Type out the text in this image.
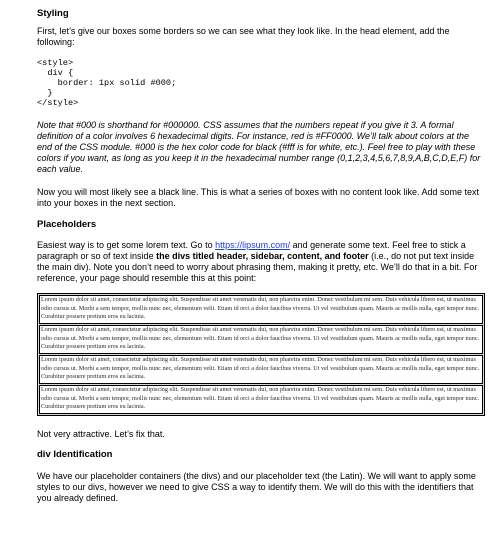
Styling

First, let’s give our boxes some borders so we can see what they look like. In the head element, add the following:

<style>
div {
border: 1px solid #000;
}
</style>

Note that #000 is shorthand for #000000. CSS assumes that the numbers repeat if you give it 3. A formal definition of a color involves 6 hexadecimal digits. For instance, red is #FF0000. We’ll talk about colors at the end of the CSS module. #000 is the hex color code for black (#fff is for white, etc.). Feel free to play with these colors if you want, as long as you keep it in the hexadecimal number range (0,1,2,3,4,5,6,7,8,9,A,B,C,D,E,F) for each value.

Now you will most likely see a black line. This is what a series of boxes with no content look like. Add some text into your boxes in the next section.

Placeholders

Easiest way is to get some lorem text. Go to https://lipsum.com/ and generate some text. Feel free to stick a paragraph or so of text inside the divs titled header, sidebar, content, and footer (i.e., do not put text inside the main div). Note you don’t need to worry about phrasing them, making it pretty, etc. We’ll do that in a bit. For reference, your page should resemble this at this point:

Lorem ipsum dolor sit amet, consectetur adipiscing elit. Suspendisse sit amet venenatis dui, non pharetra enim. Donec vestibulum mi sem. Duis vehicula libero est, ut maximus odio cursus ut. Morbi a sem tempor, mollis nunc nec, elementum velit. Etiam id orci a dolor faucibus viverra. Ut vel vestibulum quam. Mauris ac mollis nulla, eget tempor nunc. Curabitur posuere pretium eros eu lacinia.
Lorem ipsum dolor sit amet, consectetur adipiscing elit. Suspendisse sit amet venenatis dui, non pharetra enim. Donec vestibulum mi sem. Duis vehicula libero est, ut maximus odio cursus ut. Morbi a sem tempor, mollis nunc nec, elementum velit. Etiam id orci a dolor faucibus viverra. Ut vel vestibulum quam. Mauris ac mollis nulla, eget tempor nunc. Curabitur posuere pretium eros eu lacinia.
Lorem ipsum dolor sit amet, consectetur adipiscing elit. Suspendisse sit amet venenatis dui, non pharetra enim. Donec vestibulum mi sem. Duis vehicula libero est, ut maximus odio cursus ut. Morbi a sem tempor, mollis nunc nec, elementum velit. Etiam id orci a dolor faucibus viverra. Ut vel vestibulum quam. Mauris ac mollis nulla, eget tempor nunc. Curabitur posuere pretium eros eu lacinia.
Lorem ipsum dolor sit amet, consectetur adipiscing elit. Suspendisse sit amet venenatis dui, non pharetra enim. Donec vestibulum mi sem. Duis vehicula libero est, ut maximus odio cursus ut. Morbi a sem tempor, mollis nunc nec, elementum velit. Etiam id orci a dolor faucibus viverra. Ut vel vestibulum quam. Mauris ac mollis nulla, eget tempor nunc. Curabitur posuere pretium eros eu lacinia.

Not very attractive. Let’s fix that.

div Identification

We have our placeholder containers (the divs) and our placeholder text (the Latin). We will want to apply some styles to our divs, however we need to give CSS a way to identify them. We will do this with the identifiers that you already defined.
